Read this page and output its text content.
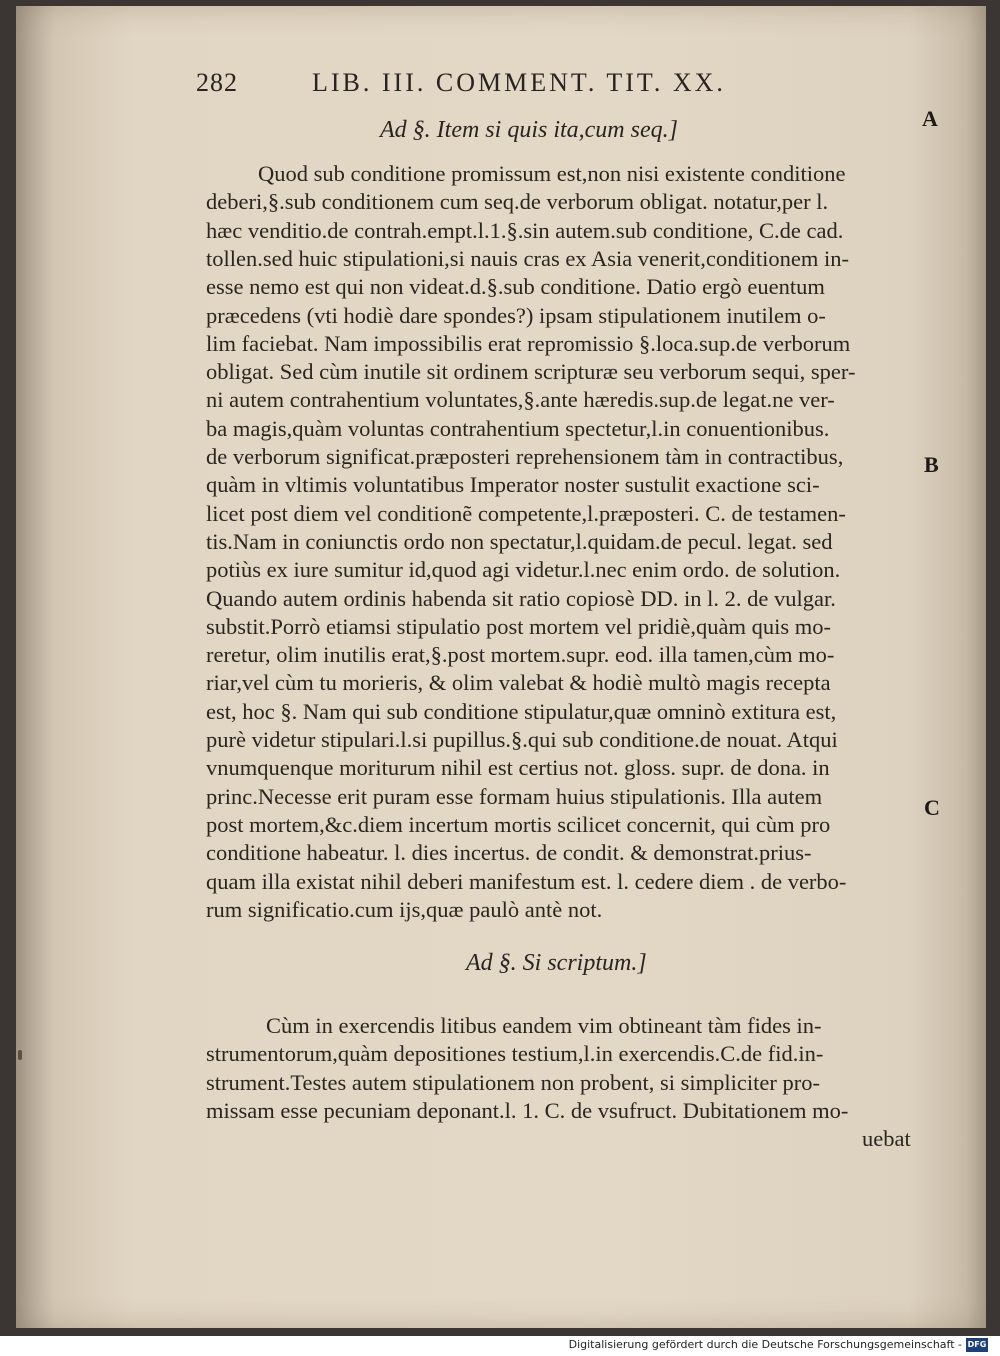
282	LIB. III. COMMENT. TIT. XX.
Ad §. Item si quis ita,cum seq.]	A
B
C
Quod sub conditione promissum est,non nisi existente conditione
deberi,§.sub conditionem cum seq.de verborum obligat. notatur,per l.
hæc venditio.de contrah.empt.l.1.§.sin autem.sub conditione, C.de cad.
tollen.sed huic stipulationi,si nauis cras ex Asia venerit,conditionem in-
esse nemo est qui non videat.d.§.sub conditione. Datio ergò euentum
præcedens (vti hodiè dare spondes?) ipsam stipulationem inutilem o-
lim faciebat. Nam impossibilis erat repromissio §.loca.sup.de verborum
obligat. Sed cùm inutile sit ordinem scripturæ seu verborum sequi, sper-
ni autem contrahentium voluntates,§.ante hæredis.sup.de legat.ne ver-
ba magis,quàm voluntas contrahentium spectetur,l.in conuentionibus.
de verborum significat.præposteri reprehensionem tàm in contractibus,
quàm in vltimis voluntatibus Imperator noster sustulit exactione sci-
licet post diem vel conditionẽ competente,l.præposteri. C. de testamen-
tis.Nam in coniunctis ordo non spectatur,l.quidam.de pecul. legat. sed
potiùs ex iure sumitur id,quod agi videtur.l.nec enim ordo. de solution.
Quando autem ordinis habenda sit ratio copiosè DD. in l. 2. de vulgar.
substit.Porrò etiamsi stipulatio post mortem vel pridiè,quàm quis mo-
reretur, olim inutilis erat,§.post mortem.supr. eod. illa tamen,cùm mo-
riar,vel cùm tu morieris, & olim valebat & hodiè multò magis recepta
est, hoc §. Nam qui sub conditione stipulatur,quæ omninò extitura est,
purè videtur stipulari.l.si pupillus.§.qui sub conditione.de nouat. Atqui
vnumquenque moriturum nihil est certius not. gloss. supr. de dona. in
princ.Necesse erit puram esse formam huius stipulationis. Illa autem
post mortem,&c.diem incertum mortis scilicet concernit, qui cùm pro
conditione habeatur. l. dies incertus. de condit. & demonstrat.prius-
quam illa existat nihil deberi manifestum est. l. cedere diem . de verbo-
rum significatio.cum ijs,quæ paulò antè not.
Ad §. Si scriptum.]
Cùm in exercendis litibus eandem vim obtineant tàm fides in-
strumentorum,quàm depositiones testium,l.in exercendis.C.de fid.in-
strument.Testes autem stipulationem non probent, si simpliciter pro-
missam esse pecuniam deponant.l. 1. C. de vsufruct. Dubitationem mo-
uebat
Digitalisierung gefördert durch die Deutsche Forschungsgemeinschaft - DFG
